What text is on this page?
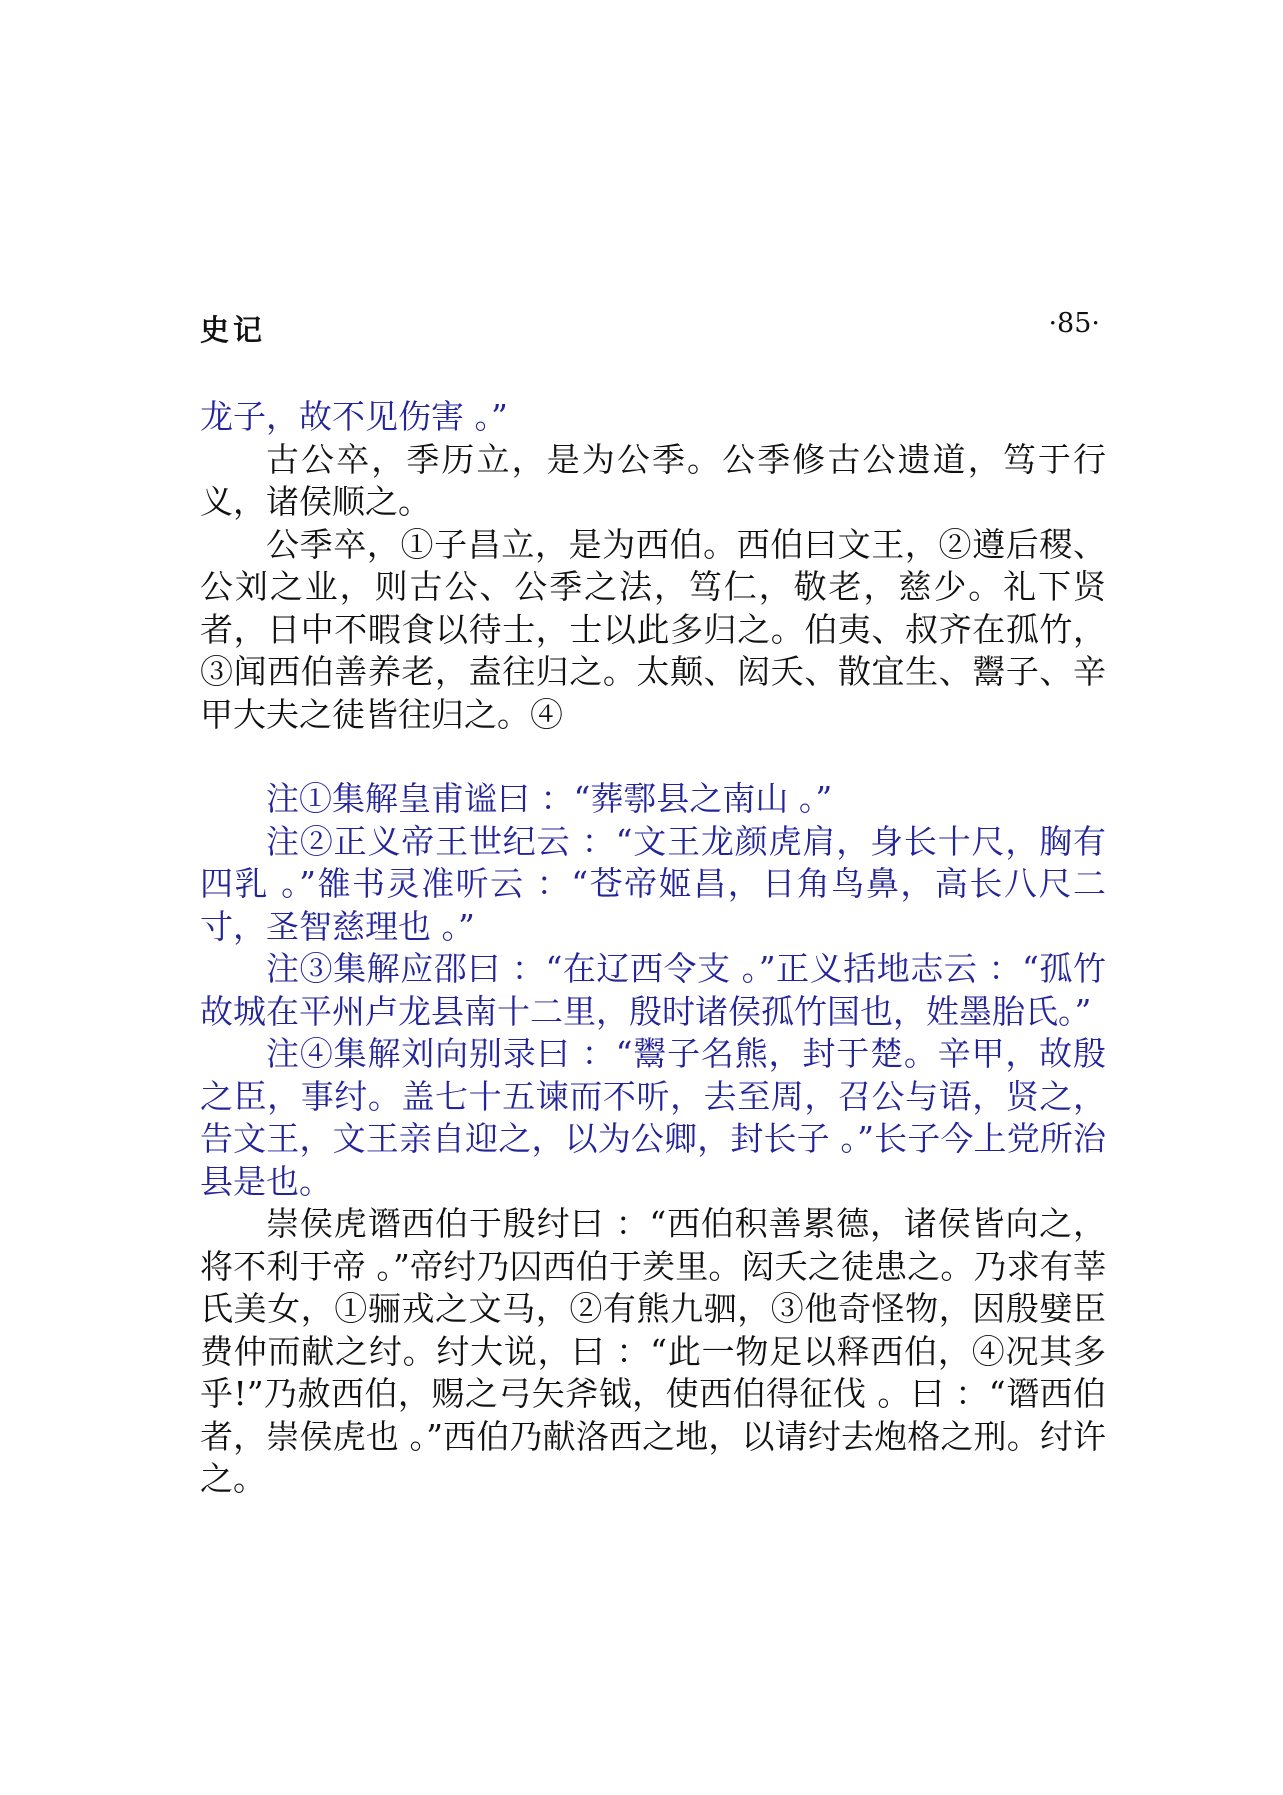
史记	·85·

龙子，故不见伤害 。”

古公卒，季历立，是为公季。公季修古公遗道，笃于行义，诸侯顺之。

公季卒，①子昌立，是为西伯。西伯曰文王，②遵后稷、公刘之业，则古公、公季之法，笃仁，敬老，慈少。礼下贤者，日中不暇食以待士，士以此多归之。伯夷、叔齐在孤竹，③闻西伯善养老，盍往归之。太颠、闳夭、散宜生、鬻子、辛甲大夫之徒皆往归之。④

注①集解皇甫谧曰 ：“葬鄠县之南山 。”

注②正义帝王世纪云 ：“文王龙颜虎肩，身长十尺，胸有四乳 。”雒书灵准听云 ：“苍帝姬昌，日角鸟鼻，高长八尺二寸，圣智慈理也 。”

注③集解应邵曰 ：“在辽西令支 。”正义括地志云 ：“孤竹故城在平州卢龙县南十二里，殷时诸侯孤竹国也，姓墨胎氏。”

注④集解刘向别录曰 ：“鬻子名熊，封于楚。辛甲，故殷之臣，事纣。盖七十五谏而不听，去至周，召公与语，贤之，告文王，文王亲自迎之，以为公卿，封长子 。”长子今上党所治县是也。

崇侯虎谮西伯于殷纣曰 ：“西伯积善累德，诸侯皆向之，将不利于帝 。”帝纣乃囚西伯于羑里。闳夭之徒患之。乃求有莘氏美女，①骊戎之文马，②有熊九驷，③他奇怪物，因殷嬖臣费仲而献之纣。纣大说，曰 ：“此一物足以释西伯，④况其多乎!”乃赦西伯，赐之弓矢斧钺，使西伯得征伐 。曰 ：“谮西伯者，崇侯虎也 。”西伯乃献洛西之地，以请纣去炮格之刑。纣许之。
